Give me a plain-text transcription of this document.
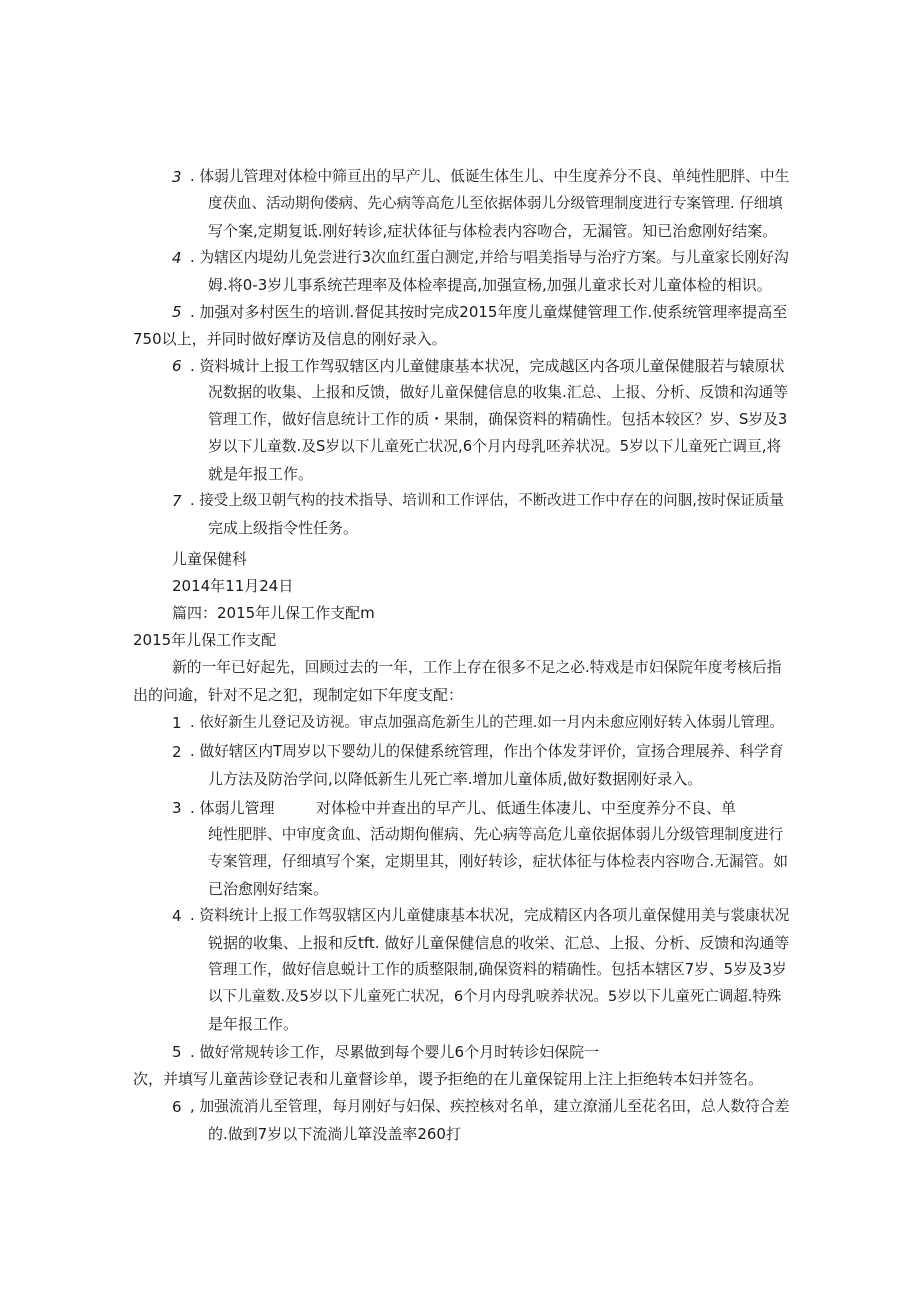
3 . 体弱儿管理对体检中筛亘出的早产儿、低诞生体生儿、中生度养分不良、单纯性肥胖、中生
度茯血、活动期佝偻病、先心病等高危儿至依据体弱儿分级管理制度进行专案管理. 仔细填
写个案,定期复诋.刚好转诊,症状体征与体检表内容吻合，无漏管。知已治愈刚好结案。
4 . 为辖区内堤幼儿免尝进行3次血红蛋白测定,并给与唱美指导与治疗方案。与儿童家长刚好沟
姆.将0-3岁儿事系统芒理率及体检率提高,加强宣杨,加强儿童求长对儿童体检的相识。
5 . 加强对多村医生的培训.督促其按时完成2015年度儿童煤健管理工作.使系统管理率提高至
750以上，并同时做好摩访及信息的刚好录入。
6 . 资料城计上报工作驾驭辖区内儿童健康基本状况，完成越区内各项儿童保健服若与辕原状
况数据的收集、上报和反馈，做好儿童保健信息的收集.汇总、上报、分析、反馈和沟通等
管理工作，做好信息统计工作的质・果制，确保资料的精确性。包括本较区？岁、S岁及3
岁以下儿童数.及S岁以下儿童死亡状况,6个月内母乳呸养状况。5岁以下儿童死亡调亘,将
就是年报工作。
7 . 接受上级卫朝气构的技术指导、培训和工作评估，不断改进工作中存在的问胭,按时保证质量
完成上级指令性任务。
儿童保健科
2014年11月24日
篇四：2015年儿保工作支配m
2015年儿保工作支配
新的一年已好起先，回顾过去的一年，工作上存在很多不足之必.特戏是市妇保院年度考核后指
出的问逾，针对不足之犯，现制定如下年度支配：
1 . 依好新生儿登记及访视。审点加强高危新生儿的芒理.如一月内未愈应刚好转入体弱儿管理。
2 . 做好辖区内T周岁以下婴幼儿的保健系统管理，作出个体发芽评价，宣扬合理展养、科学育
儿方法及防治学问,以降低新生儿死亡率.增加儿童体质,做好数据刚好录入。
3 . 体弱儿管理	对体检中并查出的早产儿、低通生体凄儿、中至度养分不良、单
纯性肥胖、中审度贪血、活动期佝催病、先心病等高危儿童依据体弱儿分级管理制度进行
专案管理，仔细填写个案，定期里其，刚好转诊，症状体征与体检表内容吻合.无漏管。如
已治愈刚好结案。
4 . 资料统计上报工作驾驭辖区内儿童健康基本状况，完成精区内各项儿童保健用美与裳康状况
锐据的收集、上报和反tft. 做好儿童保健信息的收栄、汇总、上报、分析、反馈和沟通等
管理工作，做好信息蜕计工作的质整限制,确保资料的精确性。包括本辖区7岁、5岁及3岁
以下儿童数.及5岁以下儿童死亡状况，6个月内母乳唳养状况。5岁以下儿童死亡调超.特殊
是年报工作。
5 . 做好常规转诊工作，尽累做到每个婴儿6个月时转诊妇保院一
次，并填写儿童茜诊登记表和儿童督诊单，谡予拒绝的在儿童保锭用上注上拒绝转本妇并签名。
6 , 加强流消儿至管理，每月刚好与妇保、疾控核对名单，建立潦涌儿至花名田，总人数符合差
的.做到7岁以下流淌儿箪没盖率260打
